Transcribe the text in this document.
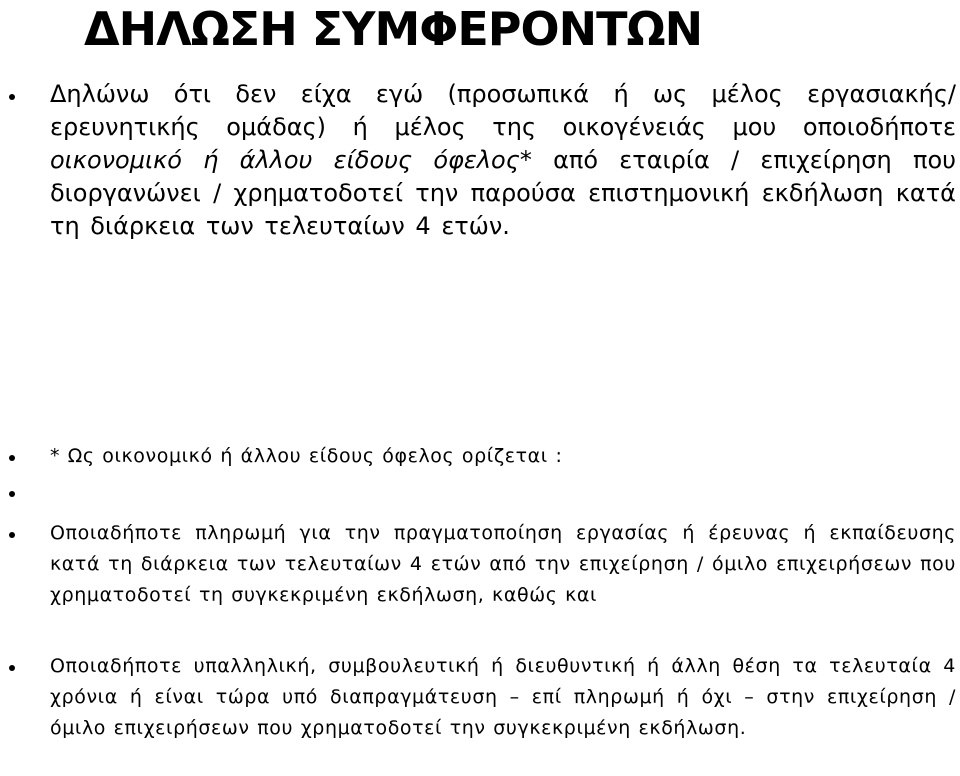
ΔΗΛΩΣΗ ΣΥΜΦΕΡΟΝΤΩΝ

Δηλώνω ότι δεν είχα εγώ (προσωπικά ή ως μέλος εργασιακής/ερευνητικής ομάδας) ή μέλος της οικογένειάς μου οποιοδήποτε οικονομικό ή άλλου είδους όφελος* από εταιρία / επιχείρηση που διοργανώνει / χρηματοδοτεί την παρούσα επιστημονική εκδήλωση κατά τη διάρκεια των τελευταίων 4 ετών.

* Ως οικονομικό ή άλλου είδους όφελος ορίζεται :

Οποιαδήποτε πληρωμή για την πραγματοποίηση εργασίας ή έρευνας ή εκπαίδευσης κατά τη διάρκεια των τελευταίων 4 ετών από την επιχείρηση / όμιλο επιχειρήσεων που χρηματοδοτεί τη συγκεκριμένη εκδήλωση, καθώς και

Οποιαδήποτε υπαλληλική, συμβουλευτική ή διευθυντική ή άλλη θέση τα τελευταία 4 χρόνια ή είναι τώρα υπό διαπραγμάτευση – επί πληρωμή ή όχι – στην επιχείρηση / όμιλο επιχειρήσεων που χρηματοδοτεί την συγκεκριμένη εκδήλωση.
